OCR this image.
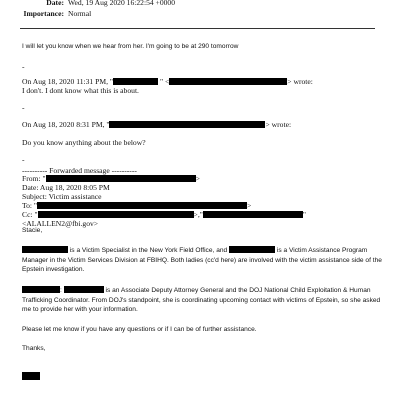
Date: Wed, 19 Aug 2020 16:22:54 +0000
Importance: Normal
I will let you know when we hear from her. I'm going to be at 290 tomorrow
-
On Aug 18, 2020 11:31 PM, "	" <	> wrote:
I don't. I dont know what this is about.
-
On Aug 18, 2020 8:31 PM, "	> wrote:
Do you know anything about the below?
-
---------- Forwarded message ----------
From: "	>
Date: Aug 18, 2020 8:05 PM
Subject: Victim assistance
To: "	>
Cc: "	>,"	"
<ALALLEN2@fbi.gov>
Stacie,
is a Victim Specialist in the New York Field Office, and	is a Victim Assistance Program Manager in the Victim Services Division at FBIHQ. Both ladies (cc'd here) are involved with the victim assistance side of the Epstein investigation.
:	is an Associate Deputy Attorney General and the DOJ National Child Exploitation & Human Trafficking Coordinator. From DOJ's standpoint, she is coordinating upcoming contact with victims of Epstein, so she asked me to provide her with your information.
Please let me know if you have any questions or if I can be of further assistance.
Thanks,
